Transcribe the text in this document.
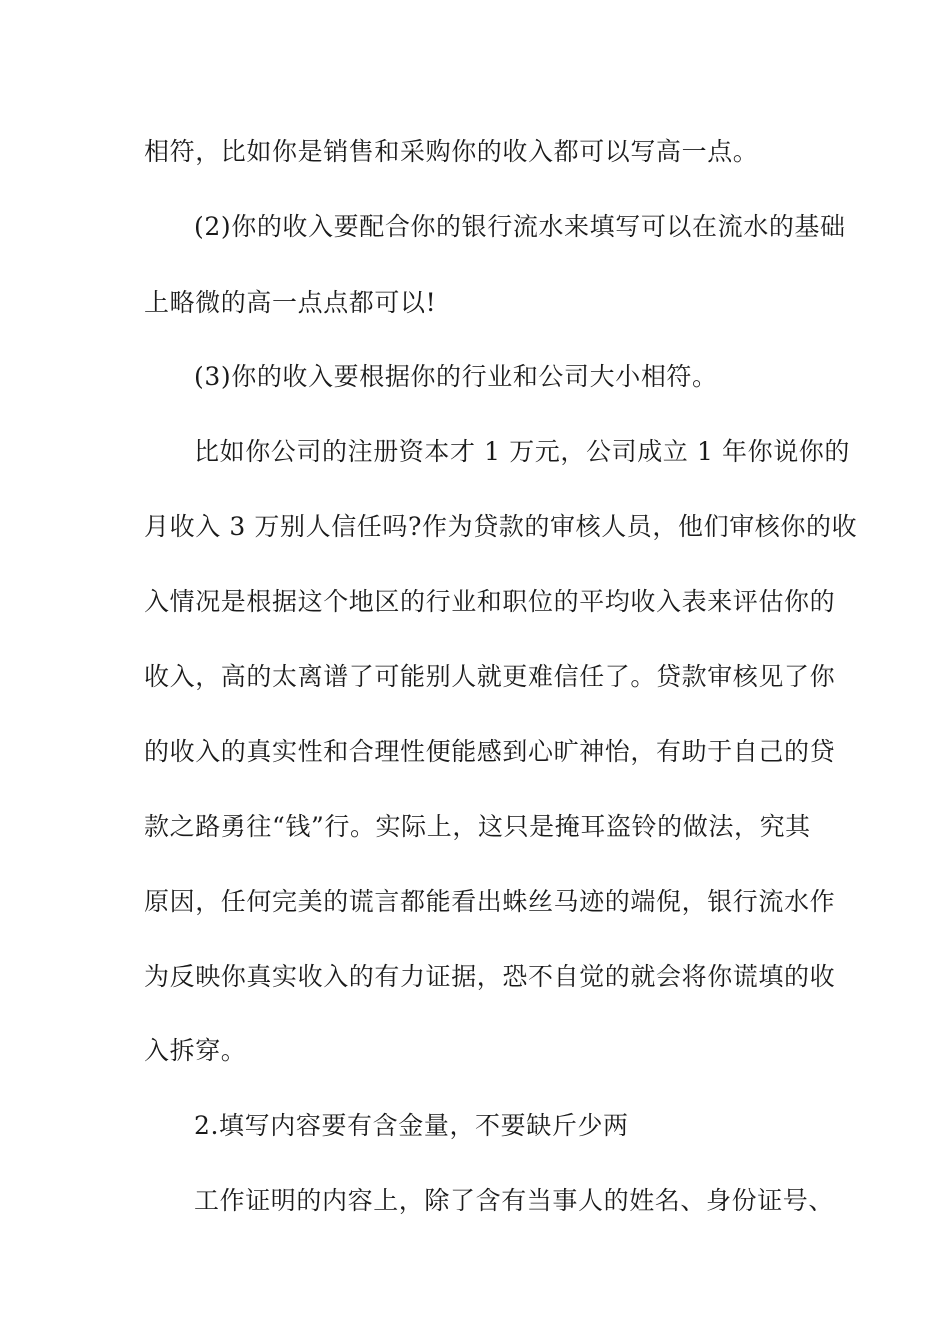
相符，比如你是销售和采购你的收入都可以写高一点。
(2)你的收入要配合你的银行流水来填写可以在流水的基础
上略微的高一点点都可以!
(3)你的收入要根据你的行业和公司大小相符。
比如你公司的注册资本才 1 万元，公司成立 1 年你说你的
月收入 3 万别人信任吗?作为贷款的审核人员，他们审核你的收
入情况是根据这个地区的行业和职位的平均收入表来评估你的
收入，高的太离谱了可能别人就更难信任了。贷款审核见了你
的收入的真实性和合理性便能感到心旷神怡，有助于自己的贷
款之路勇往“钱”行。实际上，这只是掩耳盗铃的做法，究其
原因，任何完美的谎言都能看出蛛丝马迹的端倪，银行流水作
为反映你真实收入的有力证据，恐不自觉的就会将你谎填的收
入拆穿。
2.填写内容要有含金量，不要缺斤少两
工作证明的内容上，除了含有当事人的姓名、身份证号、
